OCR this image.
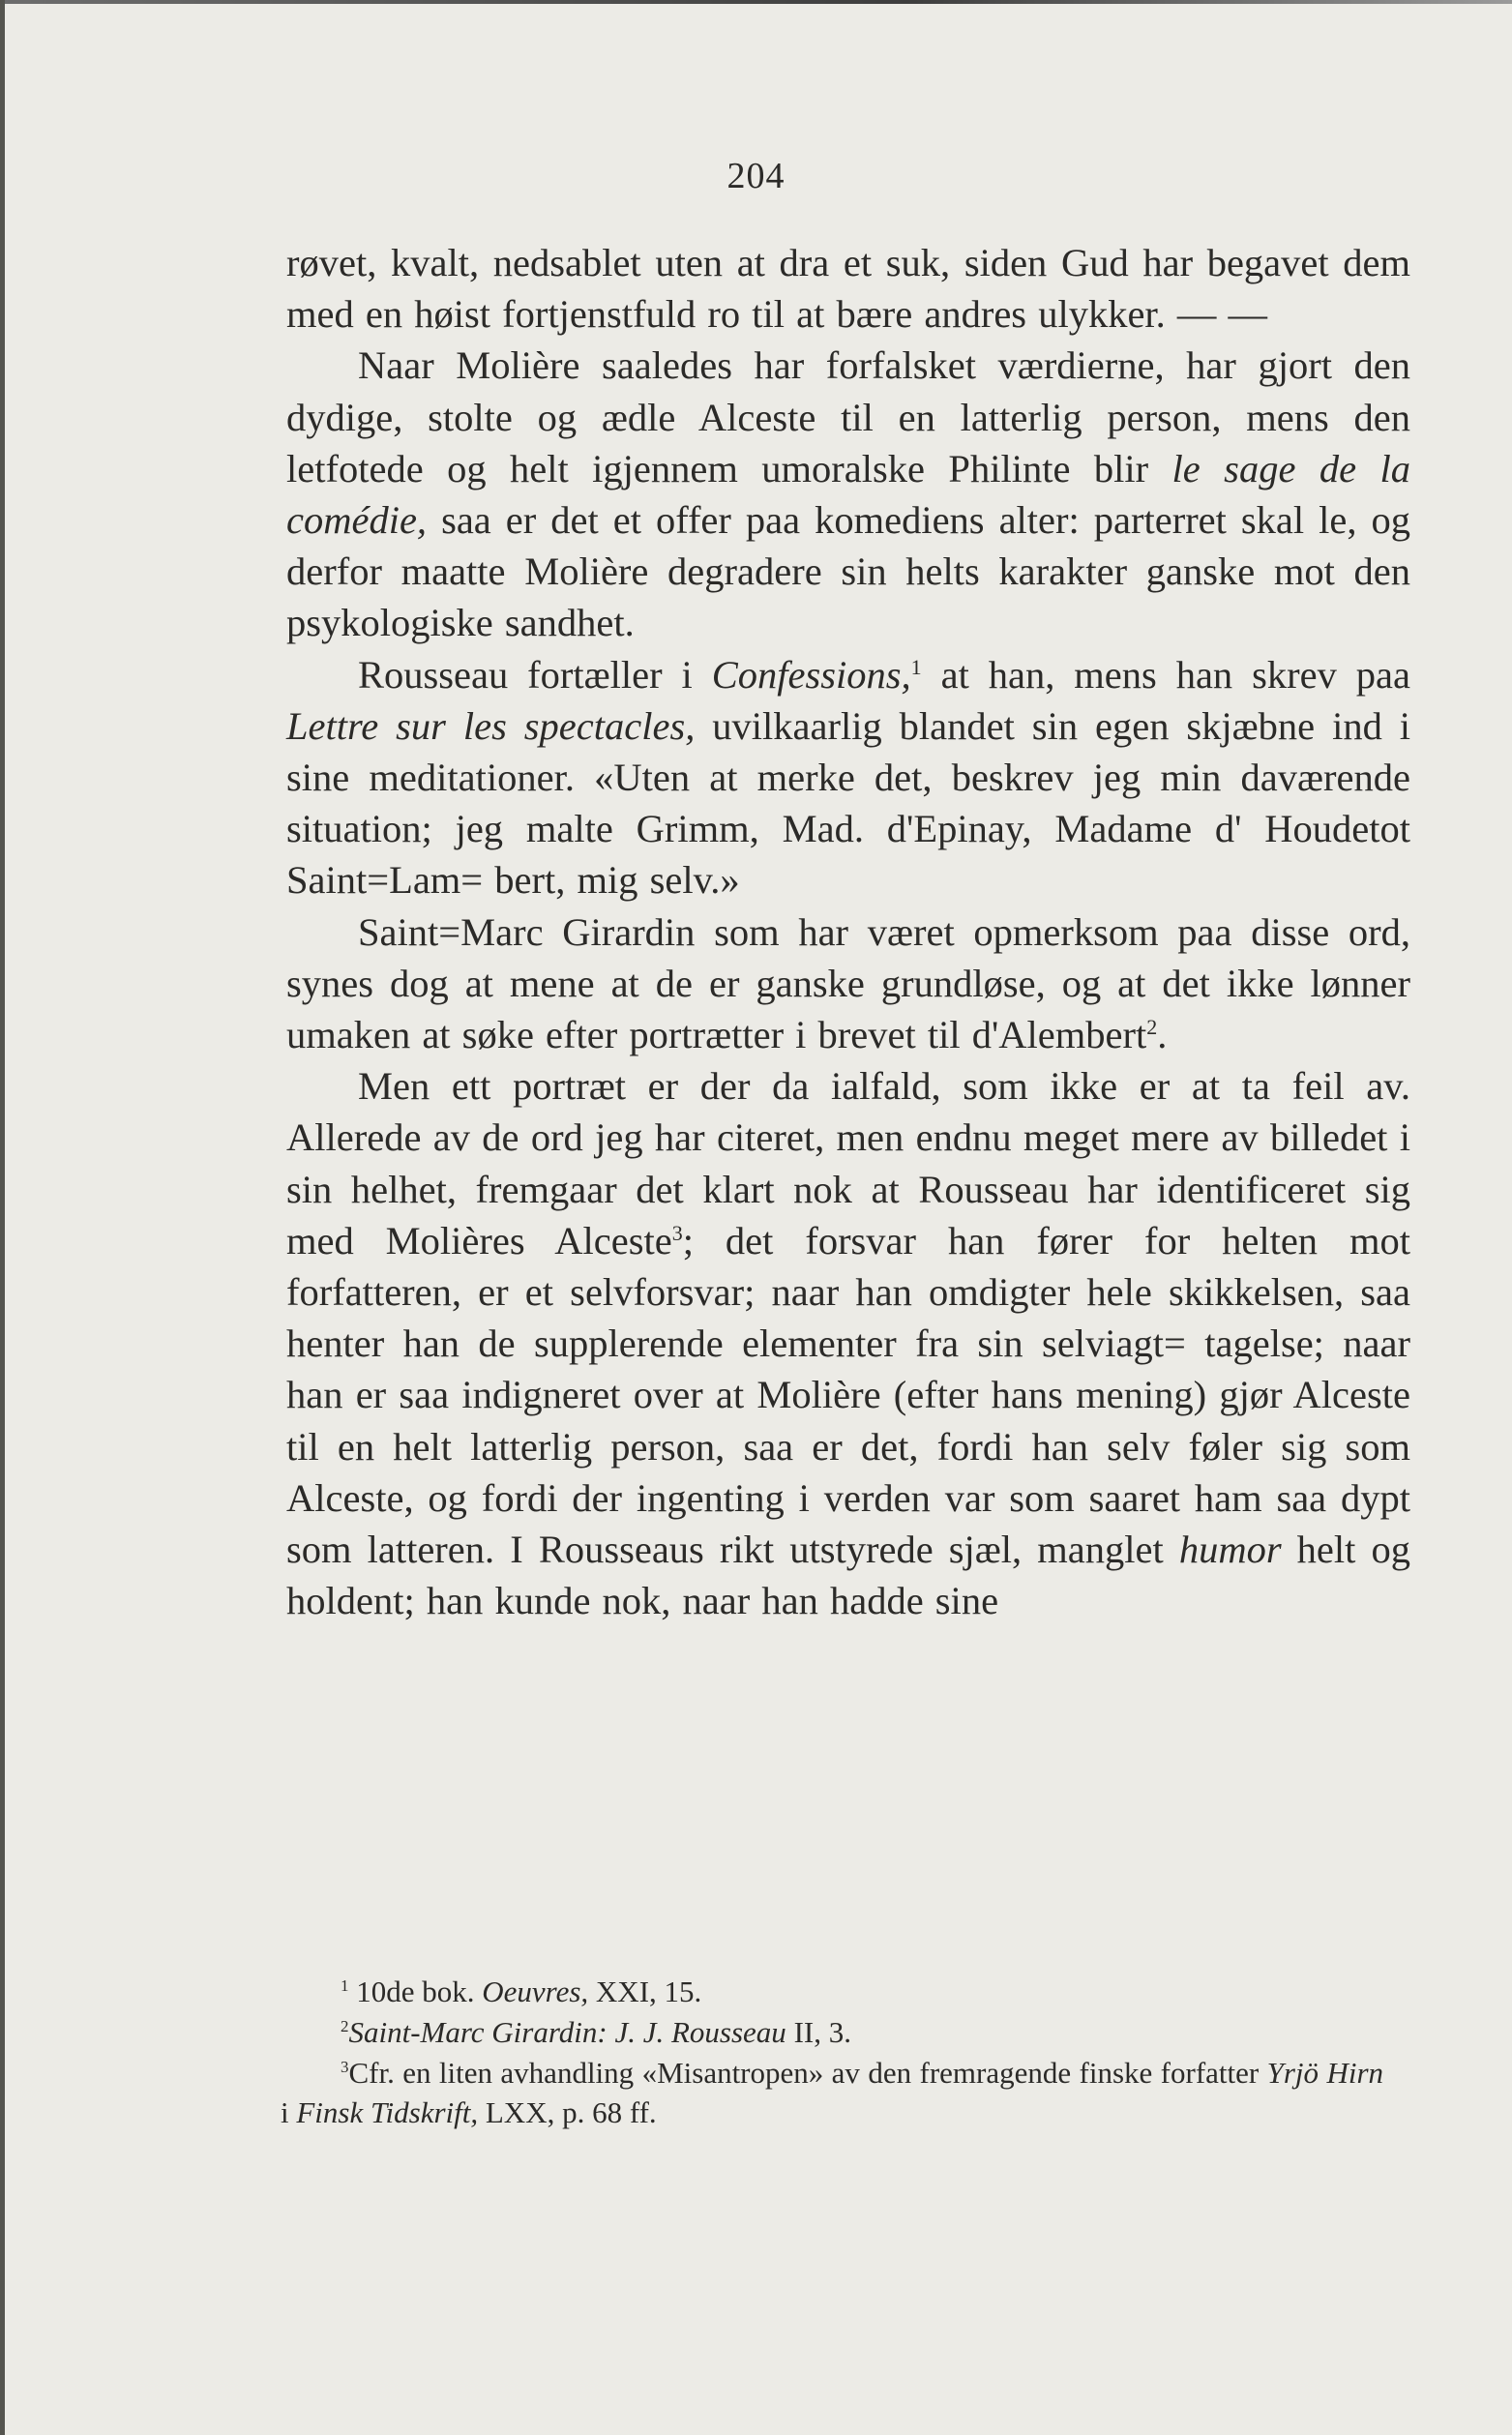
204

røvet, kvalt, nedsablet uten at dra et suk, siden Gud har begavet dem med en høist fortjenstfuld ro til at bære andres ulykker. — —

Naar Molière saaledes har forfalsket værdierne, har gjort den dydige, stolte og ædle Alceste til en latterlig person, mens den letfotede og helt igjennem umoralske Philinte blir le sage de la comédie, saa er det et offer paa komediens alter: parterret skal le, og derfor maatte Molière degradere sin helts karakter ganske mot den psykologiske sandhet.

Rousseau fortæller i Confessions,$^1$ at han, mens han skrev paa Lettre sur les spectacles, uvilkaarlig blandet sin egen skjæbne ind i sine meditationer. «Uten at merke det, beskrev jeg min daværende situation; jeg malte Grimm, Mad. d'Epinay, Madame d' Houdetot Saint=Lam= bert, mig selv.»

Saint=Marc Girardin som har været opmerksom paa disse ord, synes dog at mene at de er ganske grundløse, og at det ikke lønner umaken at søke efter portrætter i brevet til d'Alembert$^2$.

Men ett portræt er der da ialfald, som ikke er at ta feil av. Allerede av de ord jeg har citeret, men endnu meget mere av billedet i sin helhet, fremgaar det klart nok at Rousseau har identificeret sig med Molières Alceste$^3$; det forsvar han fører for helten mot forfatteren, er et selvforsvar; naar han omdigter hele skikkelsen, saa henter han de supplerende elementer fra sin selviagt= tagelse; naar han er saa indigneret over at Molière (efter hans mening) gjør Alceste til en helt latterlig person, saa er det, fordi han selv føler sig som Alceste, og fordi der ingenting i verden var som saaret ham saa dypt som latteren. I Rousseaus rikt utstyrede sjæl, manglet humor helt og holdent; han kunde nok, naar han hadde sine

$^1$ 10de bok. Oeuvres, XXI, 15.

$^2$Saint-Marc Girardin: J. J. Rousseau II, 3.

$^3$Cfr. en liten avhandling «Misantropen» av den fremragende finske forfatter Yrjö Hirn i Finsk Tidskrift, LXX, p. 68 ff.
